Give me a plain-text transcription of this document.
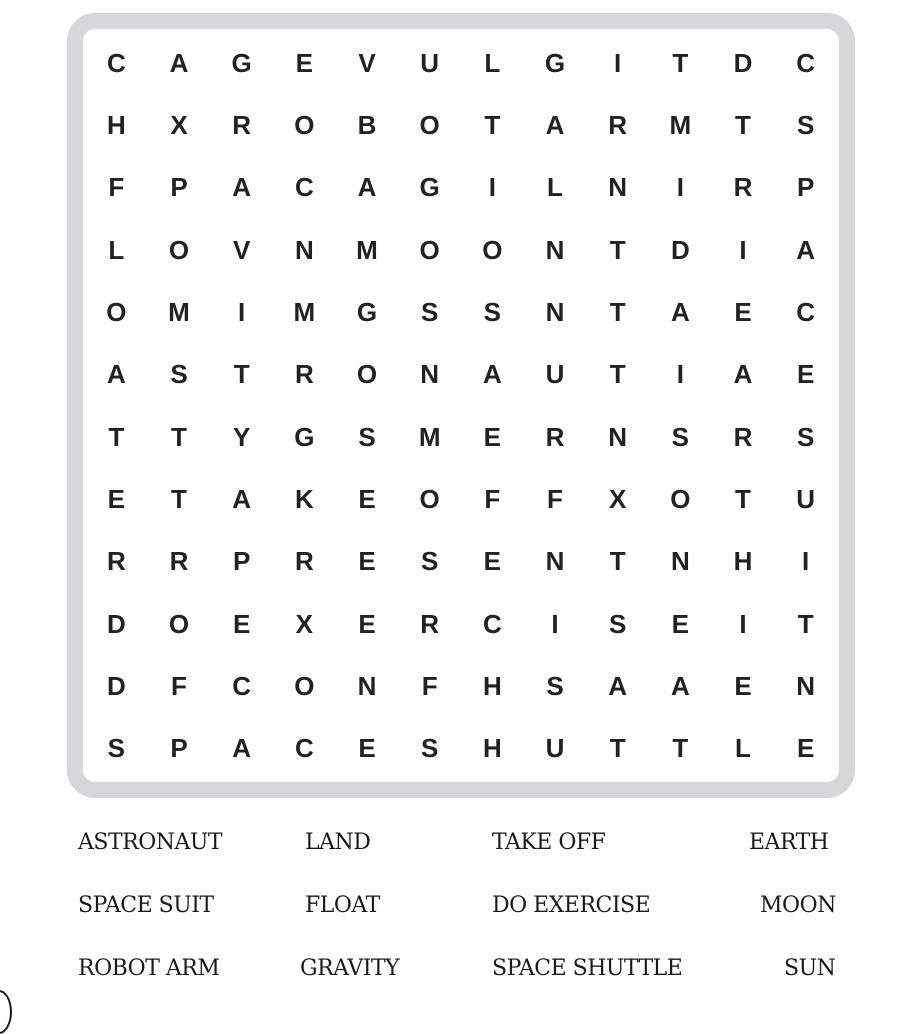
C	A	G	E	V	U	L	G	I	T	D	C
H	X	R	O	B	O	T	A	R	M	T	S
F	P	A	C	A	G	I	L	N	I	R	P
L	O	V	N	M	O	O	N	T	D	I	A
O	M	I	M	G	S	S	N	T	A	E	C
A	S	T	R	O	N	A	U	T	I	A	E
T	T	Y	G	S	M	E	R	N	S	R	S
E	T	A	K	E	O	F	F	X	O	T	U
R	R	P	R	E	S	E	N	T	N	H	I
D	O	E	X	E	R	C	I	S	E	I	T
D	F	C	O	N	F	H	S	A	A	E	N
S	P	A	C	E	S	H	U	T	T	L	E
ASTRONAUT	LAND	TAKE OFF	EARTH
SPACE SUIT	FLOAT	DO EXERCISE	MOON
ROBOT ARM	GRAVITY	SPACE SHUTTLE	SUN
